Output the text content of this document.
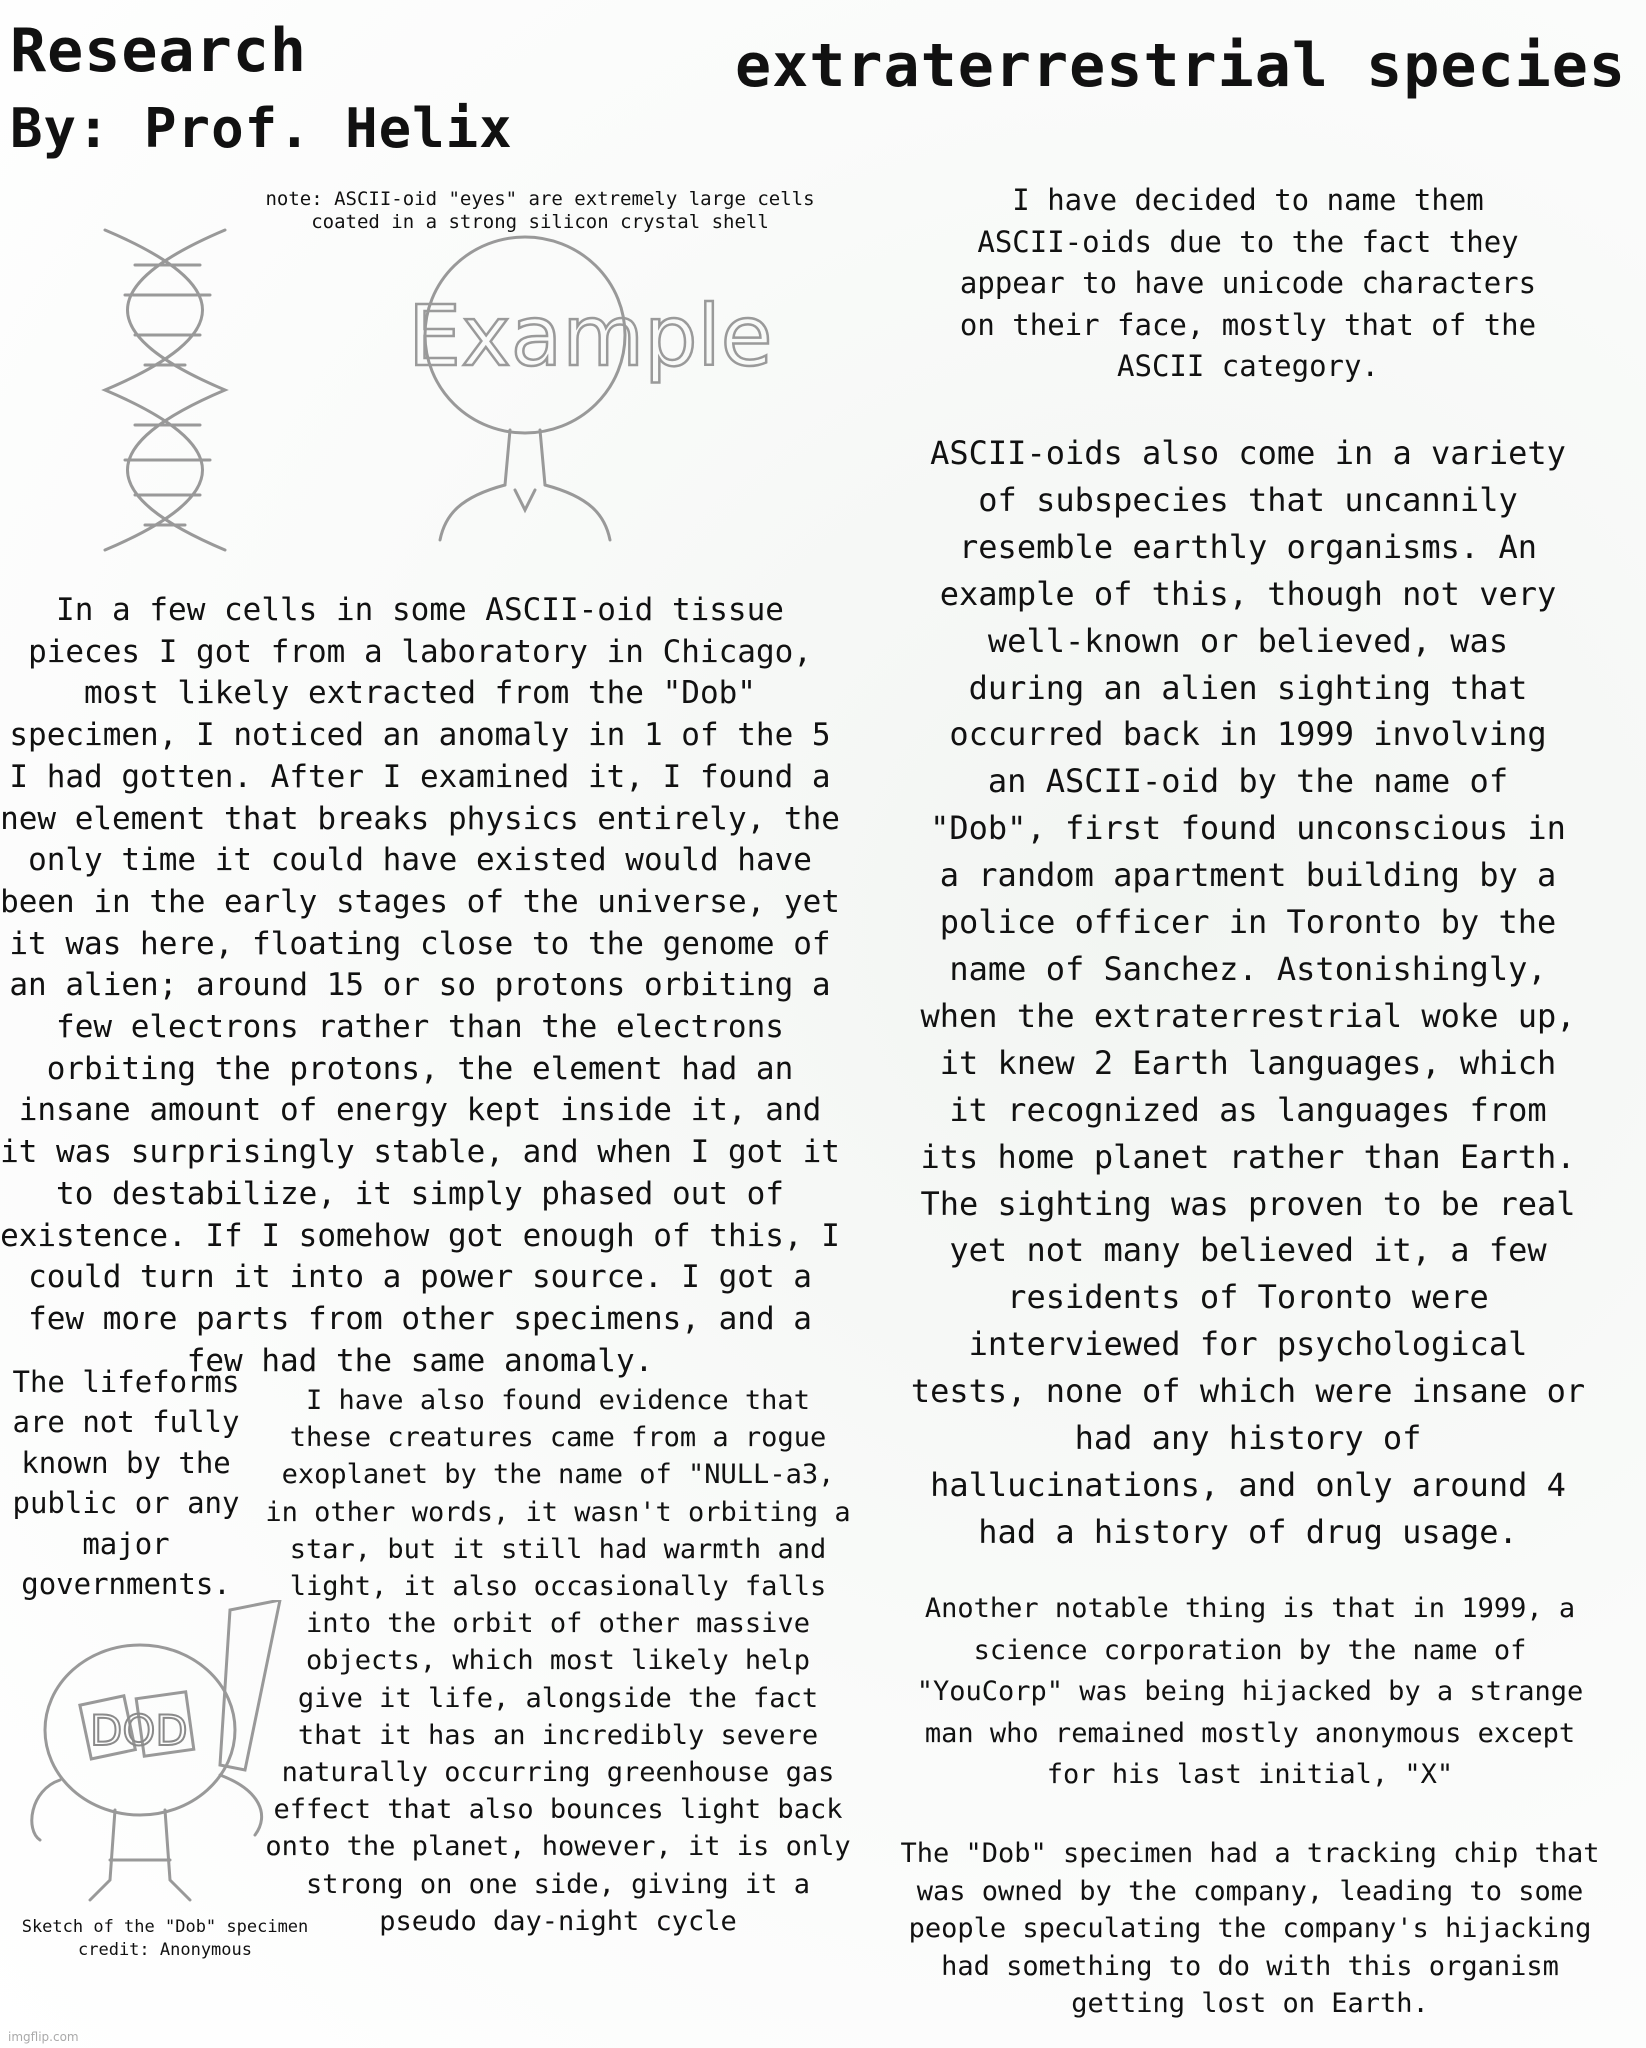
Research
By: Prof. Helix
extraterrestrial species

note: ASCII-oid "eyes" are extremely large cells
coated in a strong silicon crystal shell

Example

I have decided to name them
ASCII-oids due to the fact they
appear to have unicode characters
on their face, mostly that of the
ASCII category.

ASCII-oids also come in a variety
of subspecies that uncannily
resemble earthly organisms. An
example of this, though not very
well-known or believed, was
during an alien sighting that
occurred back in 1999 involving
an ASCII-oid by the name of
"Dob", first found unconscious in
a random apartment building by a
police officer in Toronto by the
name of Sanchez. Astonishingly,
when the extraterrestrial woke up,
it knew 2 Earth languages, which
it recognized as languages from
its home planet rather than Earth.
The sighting was proven to be real
yet not many believed it, a few
residents of Toronto were
interviewed for psychological
tests, none of which were insane or
had any history of
hallucinations, and only around 4
had a history of drug usage.

In a few cells in some ASCII-oid tissue
pieces I got from a laboratory in Chicago,
most likely extracted from the "Dob"
specimen, I noticed an anomaly in 1 of the 5
I had gotten. After I examined it, I found a
new element that breaks physics entirely, the
only time it could have existed would have
been in the early stages of the universe, yet
it was here, floating close to the genome of
an alien; around 15 or so protons orbiting a
few electrons rather than the electrons
orbiting the protons, the element had an
insane amount of energy kept inside it, and
it was surprisingly stable, and when I got it
to destabilize, it simply phased out of
existence. If I somehow got enough of this, I
could turn it into a power source. I got a
few more parts from other specimens, and a
few had the same anomaly.

The lifeforms
are not fully
known by the
public or any
major
governments.

I have also found evidence that
these creatures came from a rogue
exoplanet by the name of "NULL-a3,
in other words, it wasn't orbiting a
star, but it still had warmth and
light, it also occasionally falls
into the orbit of other massive
objects, which most likely help
give it life, alongside the fact
that it has an incredibly severe
naturally occurring greenhouse gas
effect that also bounces light back
onto the planet, however, it is only
strong on one side, giving it a
pseudo day-night cycle

DOD

Sketch of the "Dob" specimen
credit: Anonymous

Another notable thing is that in 1999, a
science corporation by the name of
"YouCorp" was being hijacked by a strange
man who remained mostly anonymous except
for his last initial, "X"

The "Dob" specimen had a tracking chip that
was owned by the company, leading to some
people speculating the company's hijacking
had something to do with this organism
getting lost on Earth.

imgflip.com
